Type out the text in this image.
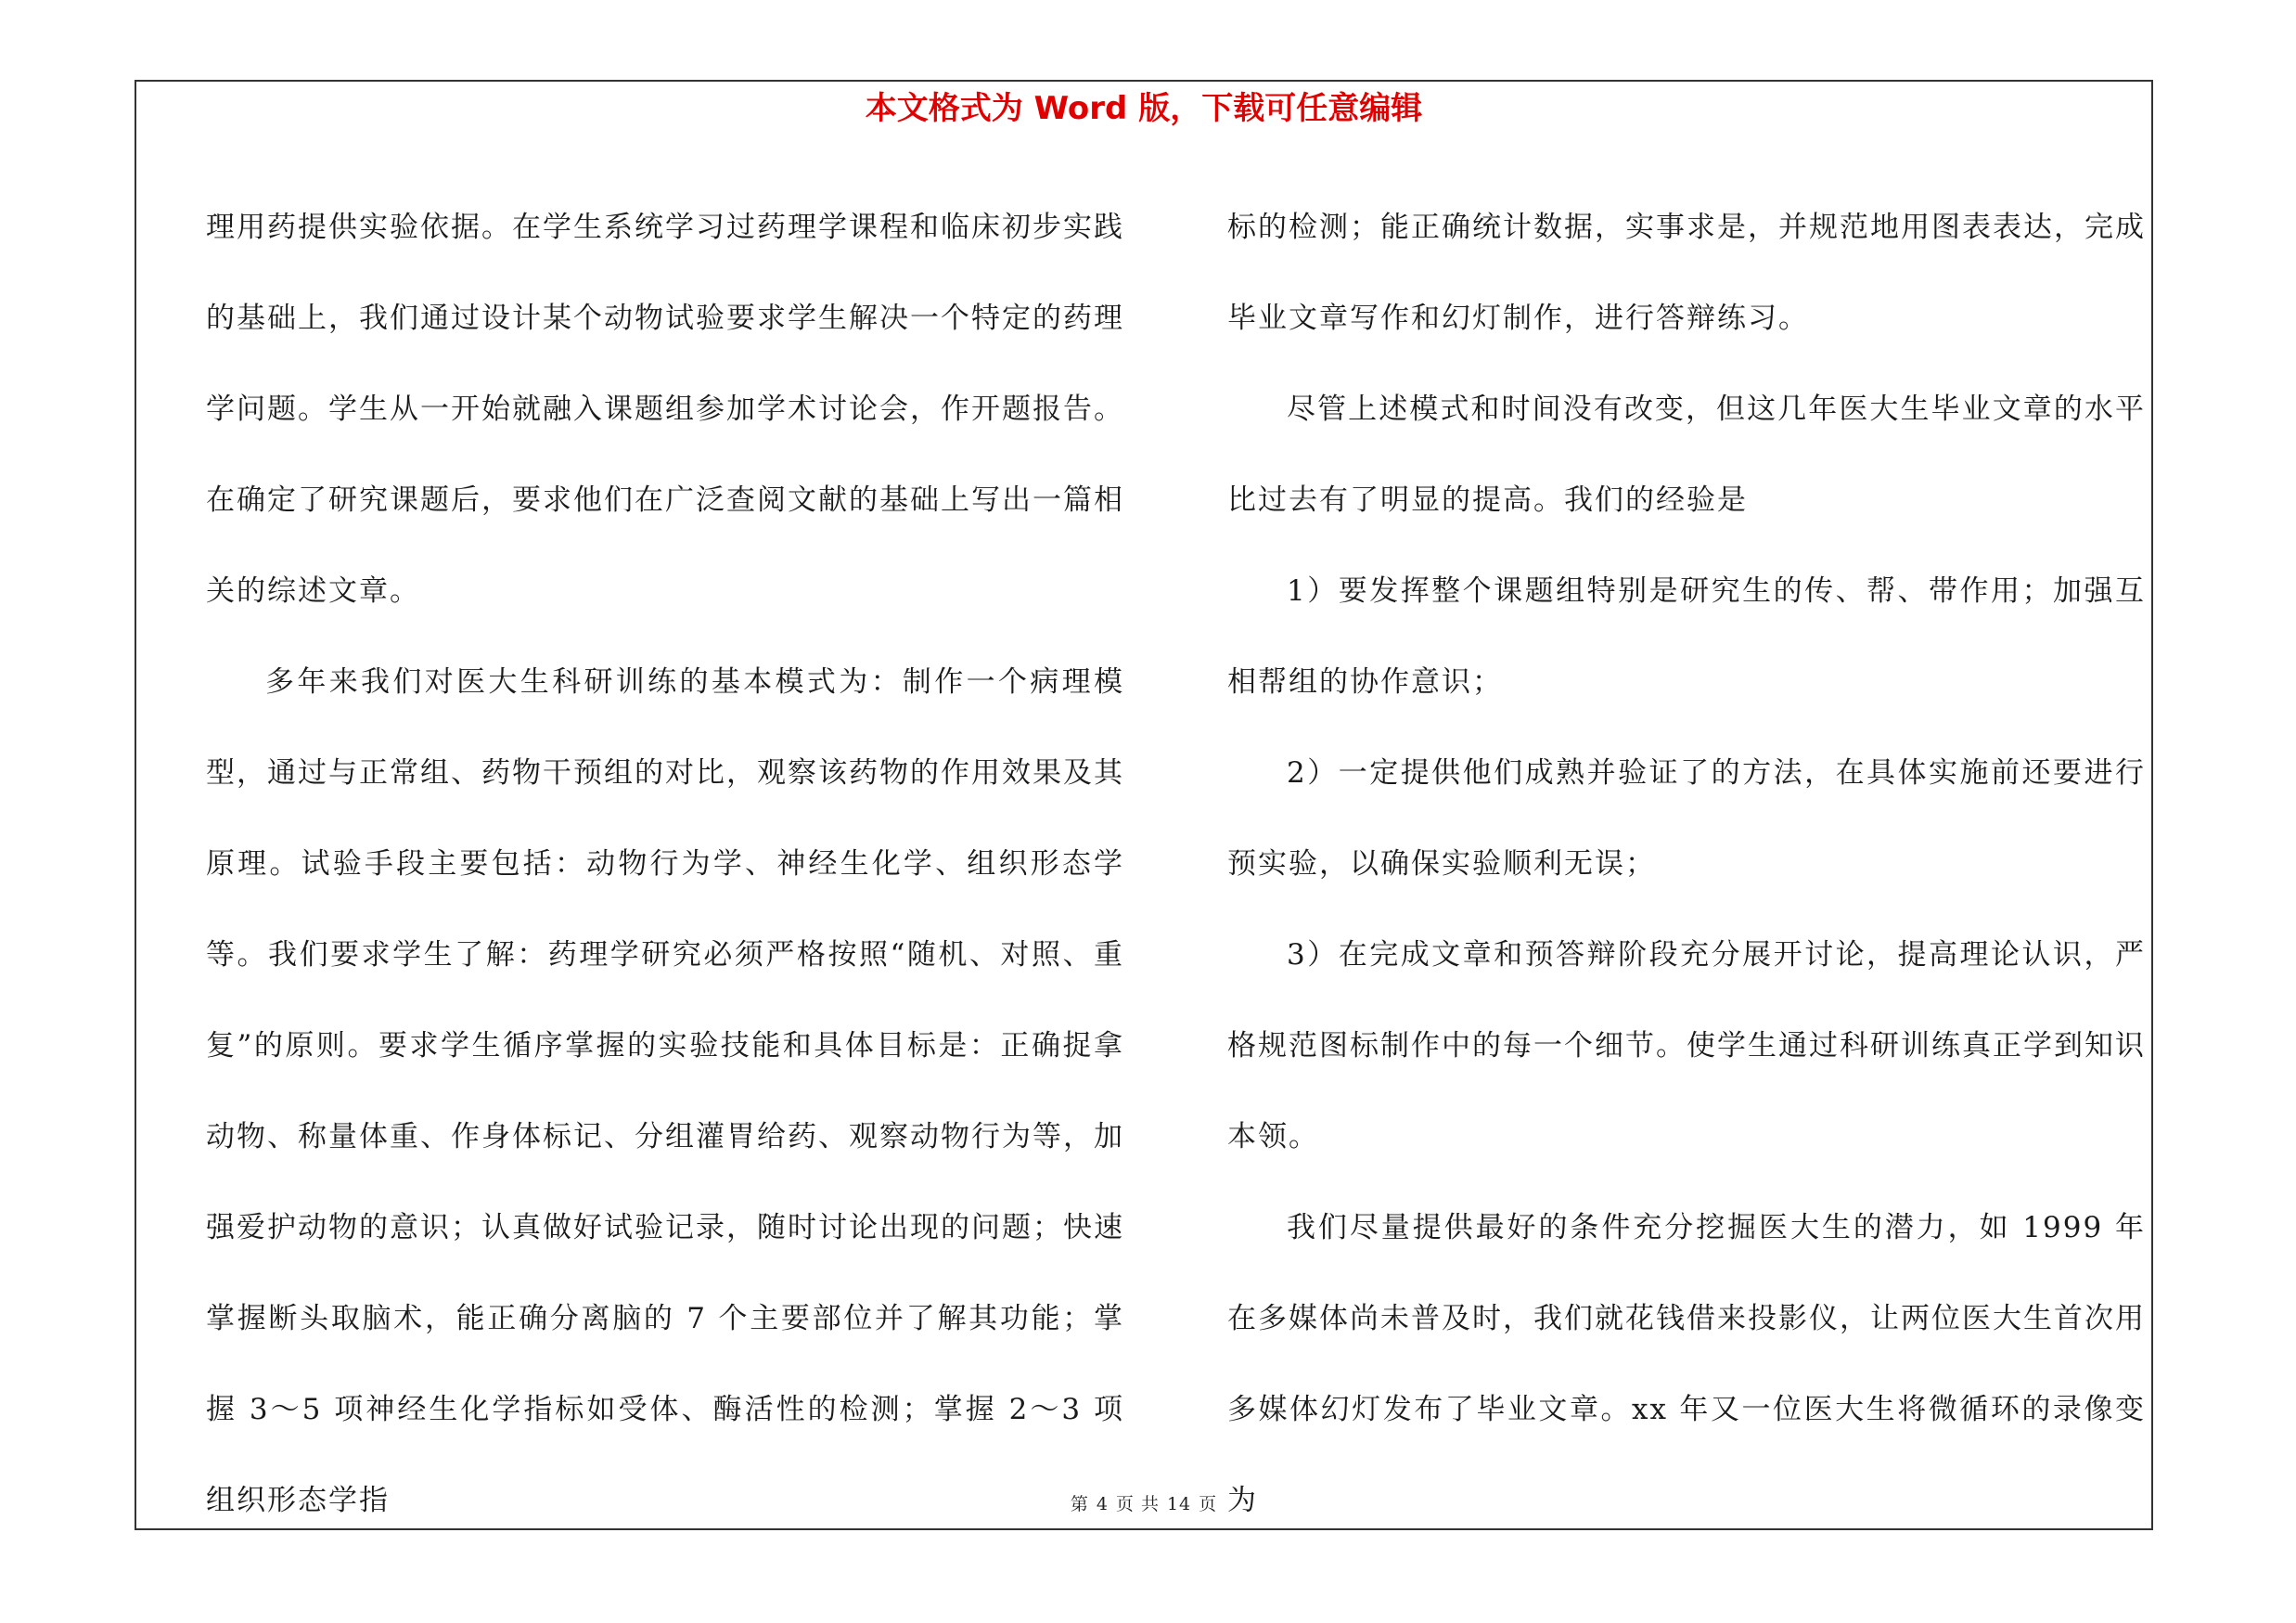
本文格式为 Word 版，下载可任意编辑

理用药提供实验依据。在学生系统学习过药理学课程和临床初步实践的基础上，我们通过设计某个动物试验要求学生解决一个特定的药理学问题。学生从一开始就融入课题组参加学术讨论会，作开题报告。在确定了研究课题后，要求他们在广泛查阅文献的基础上写出一篇相关的综述文章。

多年来我们对医大生科研训练的基本模式为：制作一个病理模型，通过与正常组、药物干预组的对比，观察该药物的作用效果及其原理。试验手段主要包括：动物行为学、神经生化学、组织形态学等。我们要求学生了解：药理学研究必须严格按照“随机、对照、重复”的原则。要求学生循序掌握的实验技能和具体目标是：正确捉拿动物、称量体重、作身体标记、分组灌胃给药、观察动物行为等，加强爱护动物的意识；认真做好试验记录，随时讨论出现的问题；快速掌握断头取脑术，能正确分离脑的 7 个主要部位并了解其功能；掌握 3～5 项神经生化学指标如受体、酶活性的检测；掌握 2～3 项组织形态学指

标的检测；能正确统计数据，实事求是，并规范地用图表表达，完成毕业文章写作和幻灯制作，进行答辩练习。

尽管上述模式和时间没有改变，但这几年医大生毕业文章的水平比过去有了明显的提高。我们的经验是

1）要发挥整个课题组特别是研究生的传、帮、带作用；加强互相帮组的协作意识；

2）一定提供他们成熟并验证了的方法，在具体实施前还要进行预实验，以确保实验顺利无误；

3）在完成文章和预答辩阶段充分展开讨论，提高理论认识，严格规范图标制作中的每一个细节。使学生通过科研训练真正学到知识本领。

我们尽量提供最好的条件充分挖掘医大生的潜力，如 1999 年在多媒体尚未普及时，我们就花钱借来投影仪，让两位医大生首次用多媒体幻灯发布了毕业文章。xx 年又一位医大生将微循环的录像变为

第 4 页 共 14 页
